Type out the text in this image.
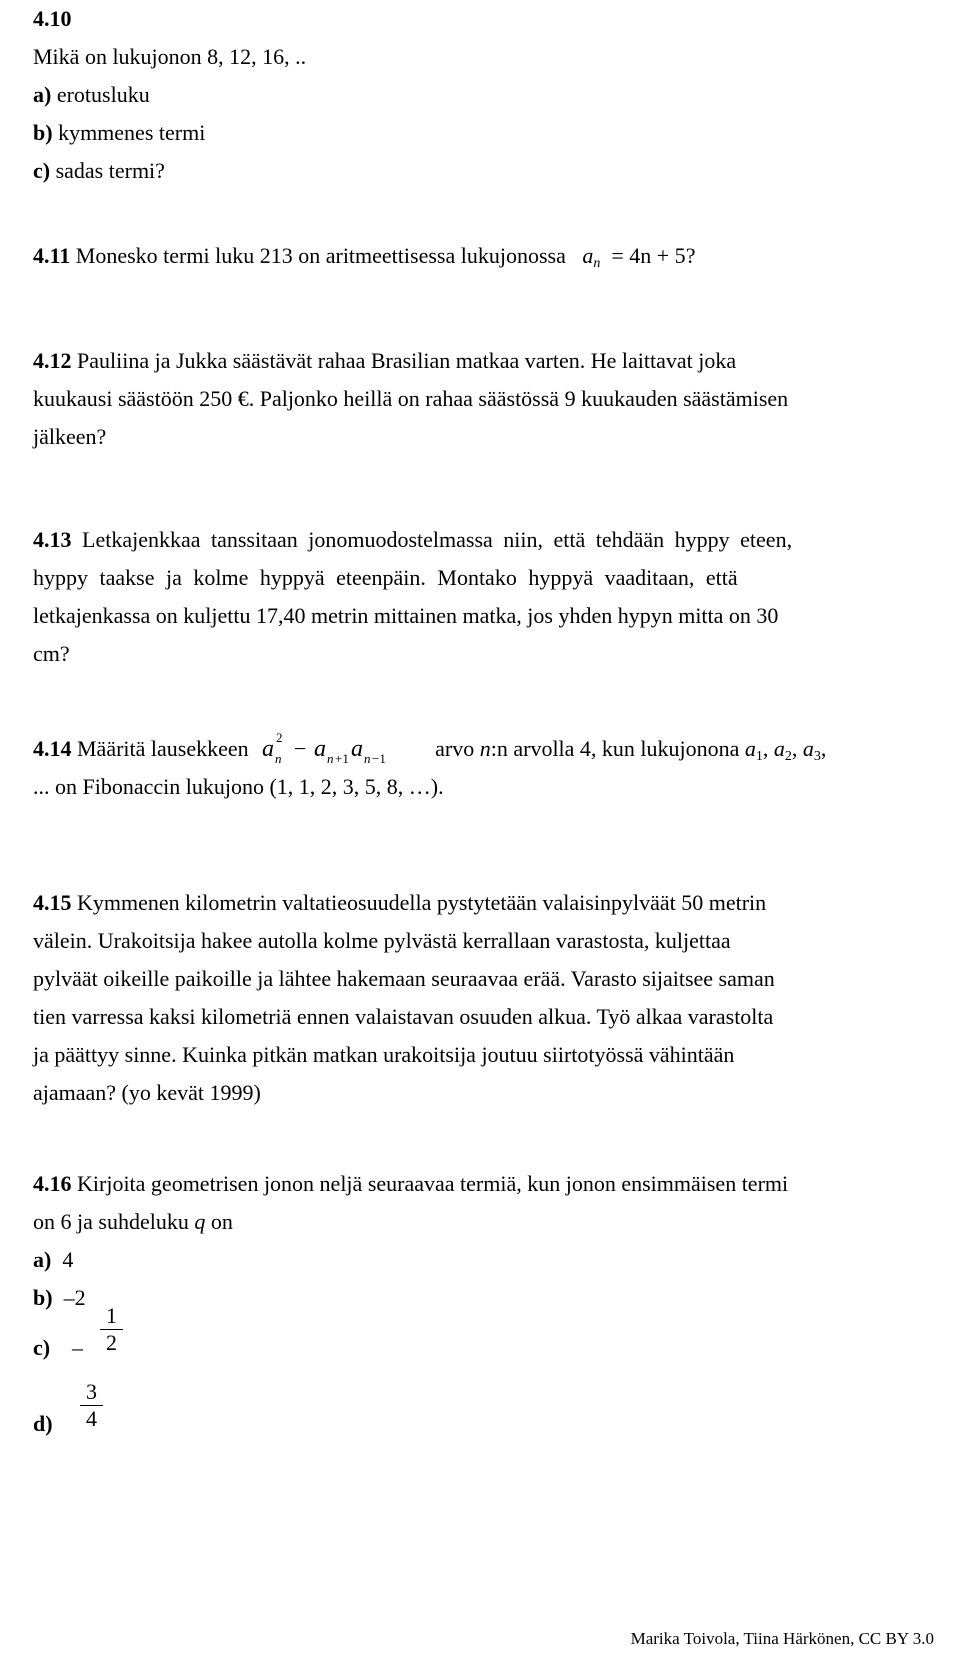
4.10
Mikä on lukujonon 8, 12, 16, ..
a) erotusluku
b) kymmenes termi
c) sadas termi?
4.11 Monesko termi luku 213 on aritmeettisessa lukujonossa $a_n = 4n + 5$?
4.12 Pauliina ja Jukka säästävät rahaa Brasilian matkaa varten. He laittavat joka
kuukausi säästöön 250 €. Paljonko heillä on rahaa säästössä 9 kuukauden säästämisen
jälkeen?
4.13 Letkajenkkaa tanssitaan jonomuodostelmassa niin, että tehdään hyppy eteen,
hyppy taakse ja kolme hyppyä eteenpäin. Montako hyppyä vaaditaan, että
letkajenkassa on kuljettu 17,40 metrin mittainen matka, jos yhden hypyn mitta on 30
cm?
4.14 Määritä lausekkeen a n
2 − a n +1 a n −1 arvo n:n arvolla 4, kun lukujonona $a_1$, $a_2$, $a_3$,
... on Fibonaccin lukujono (1, 1, 2, 3, 5, 8, …).
4.15 Kymmenen kilometrin valtatieosuudella pystytetään valaisinpylväät 50 metrin
välein. Urakoitsija hakee autolla kolme pylvästä kerrallaan varastosta, kuljettaa
pylväät oikeille paikoille ja lähtee hakemaan seuraavaa erää. Varasto sijaitsee saman
tien varressa kaksi kilometriä ennen valaistavan osuuden alkua. Työ alkaa varastolta
ja päättyy sinne. Kuinka pitkän matkan urakoitsija joutuu siirtotyössä vähintään
ajamaan? (yo kevät 1999)
4.16 Kirjoita geometrisen jonon neljä seuraavaa termiä, kun jonon ensimmäisen termi
on 6 ja suhdeluku q on
a) 4
b) –2
$c) - \frac{1}{2}$
d)	$\frac{3}{4}$
Marika Toivola, Tiina Härkönen, CC BY 3.0
